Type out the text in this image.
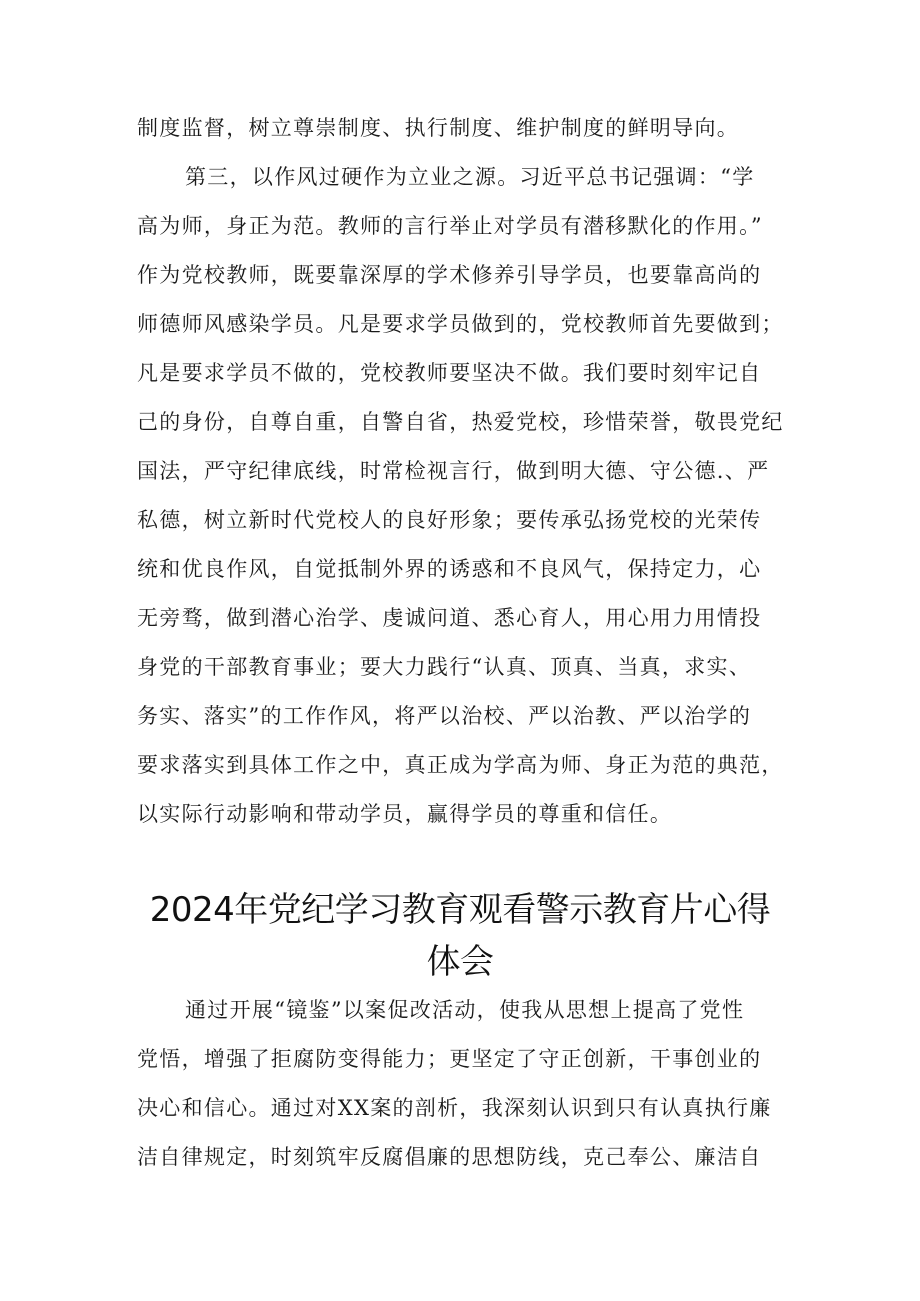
制度监督，树立尊崇制度、执行制度、维护制度的鲜明导向。
第三，以作风过硬作为立业之源。习近平总书记强调：“学
高为师，身正为范。教师的言行举止对学员有潜移默化的作用。”
作为党校教师，既要靠深厚的学术修养引导学员，也要靠高尚的
师德师风感染学员。凡是要求学员做到的，党校教师首先要做到；
凡是要求学员不做的，党校教师要坚决不做。我们要时刻牢记自
己的身份，自尊自重，自警自省，热爱党校，珍惜荣誉，敬畏党纪
国法，严守纪律底线，时常检视言行，做到明大德、守公德.、严
私德，树立新时代党校人的良好形象；要传承弘扬党校的光荣传
统和优良作风，自觉抵制外界的诱惑和不良风气，保持定力，心
无旁骛，做到潜心治学、虔诚问道、悉心育人，用心用力用情投
身党的干部教育事业；要大力践行“认真、顶真、当真，求实、
务实、落实”的工作作风，将严以治校、严以治教、严以治学的
要求落实到具体工作之中，真正成为学高为师、身正为范的典范，
以实际行动影响和带动学员，赢得学员的尊重和信任。
2024年党纪学习教育观看警示教育片心得
体会
通过开展“镜鉴”以案促改活动，使我从思想上提高了党性
党悟，增强了拒腐防变得能力；更坚定了守正创新，干事创业的
决心和信心。通过对XX案的剖析，我深刻认识到只有认真执行廉
洁自律规定，时刻筑牢反腐倡廉的思想防线，克己奉公、廉洁自
